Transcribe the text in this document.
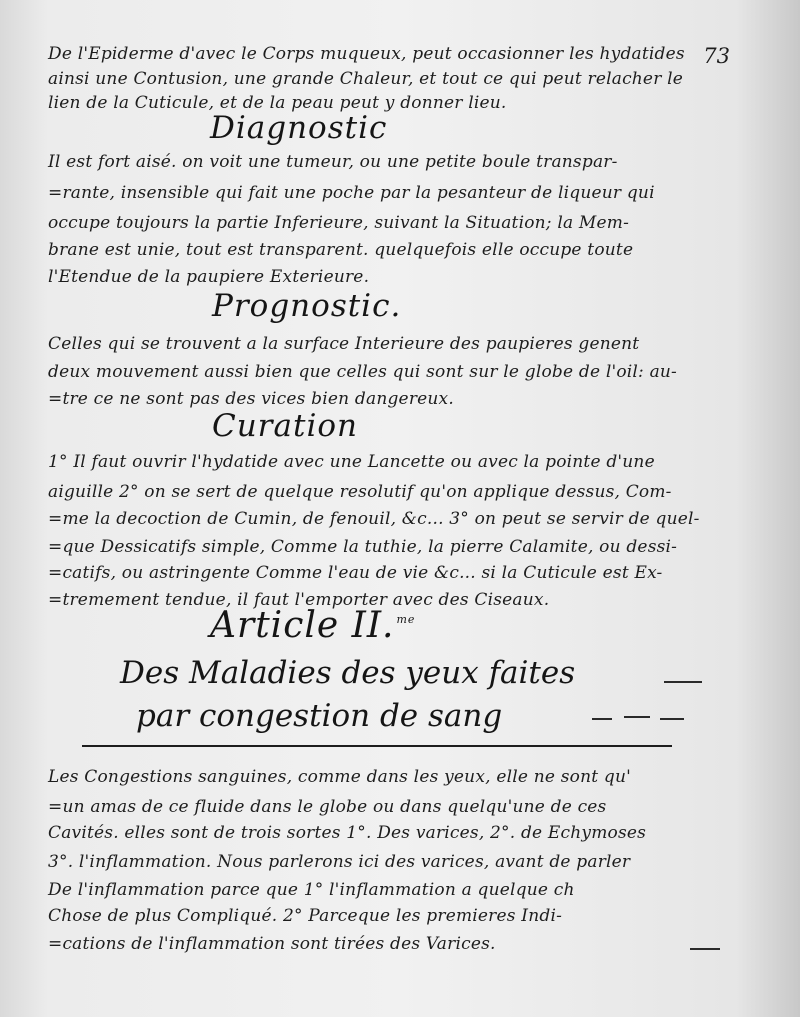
73
De l'Epiderme d'avec le Corps muqueux, peut occasionner les hydatides
ainsi une Contusion, une grande Chaleur, et tout ce qui peut relacher le
lien de la Cuticule, et de la peau peut y donner lieu.
Diagnostic
Il est fort aisé. on voit une tumeur, ou une petite boule transpar-
=rante, insensible qui fait une poche par la pesanteur de liqueur qui
occupe toujours la partie Inferieure, suivant la Situation; la Mem-
brane est unie, tout est transparent. quelquefois elle occupe toute
l'Etendue de la paupiere Exterieure.
Prognostic.
Celles qui se trouvent a la surface Interieure des paupieres genent
deux mouvement aussi bien que celles qui sont sur le globe de l'oil: au-
=tre ce ne sont pas des vices bien dangereux.
Curation
1° Il faut ouvrir l'hydatide avec une Lancette ou avec la pointe d'une
aiguille 2° on se sert de quelque resolutif qu'on applique dessus, Com-
=me la decoction de Cumin, de fenouil, &c... 3° on peut se servir de quel-
=que Dessicatifs simple, Comme la tuthie, la pierre Calamite, ou dessi-
=catifs, ou astringente Comme l'eau de vie &c... si la Cuticule est Ex-
=tremement tendue, il faut l'emporter avec des Ciseaux.
Article II. $^{me}$
Des Maladies des yeux faites
par congestion de sang
Les Congestions sanguines, comme dans les yeux, elle ne sont qu'
=un amas de ce fluide dans le globe ou dans quelqu'une de ces
Cavités. elles sont de trois sortes 1°. Des varices, 2°. de Echymoses
3°. l'inflammation. Nous parlerons ici des varices, avant de parler
De l'inflammation parce que 1° l'inflammation a quelque ch
Chose de plus Compliqué. 2° Parceque les premieres Indi-
=cations de l'inflammation sont tirées des Varices.
